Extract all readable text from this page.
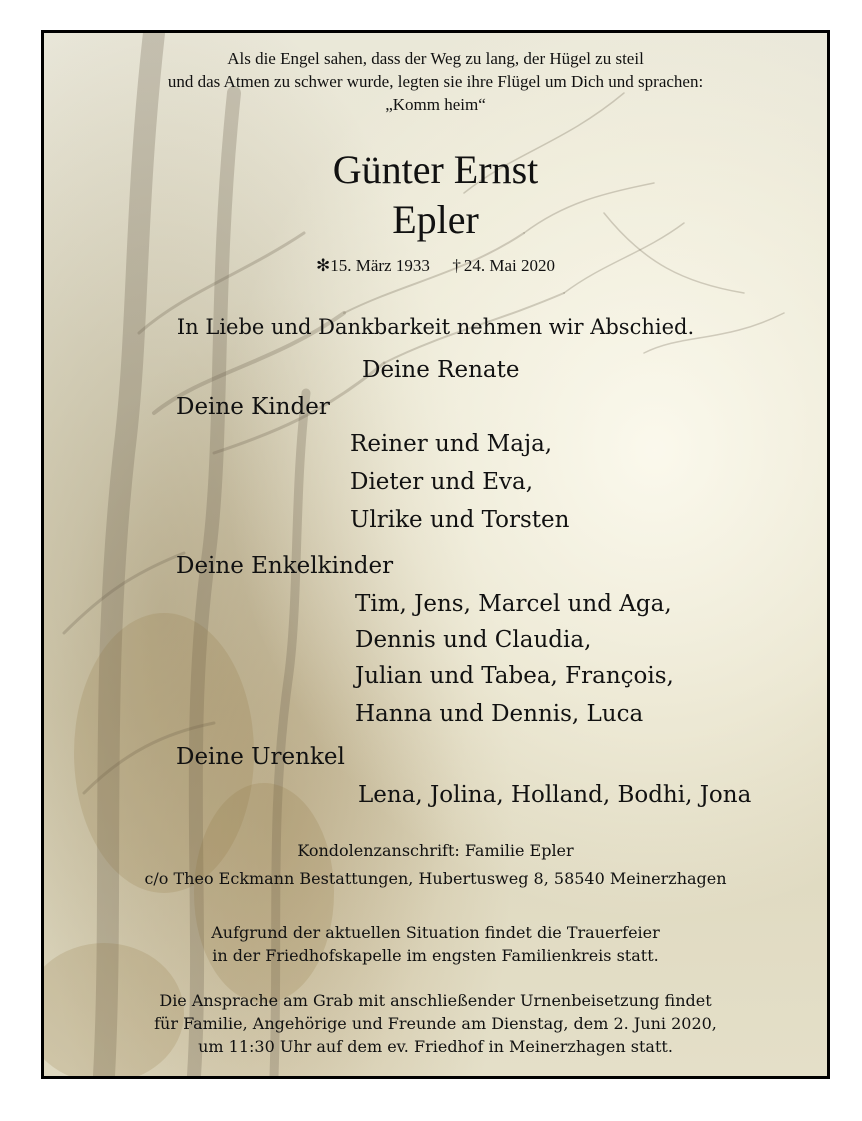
Als die Engel sahen, dass der Weg zu lang, der Hügel zu steil
und das Atmen zu schwer wurde, legten sie ihre Flügel um Dich und sprachen:
„Komm heim“
Günter Ernst
Epler
✻15. März 1933 † 24. Mai 2020
In Liebe und Dankbarkeit nehmen wir Abschied.
Deine Renate
Deine Kinder
Reiner und Maja,
Dieter und Eva,
Ulrike und Torsten
Deine Enkelkinder
Tim, Jens, Marcel und Aga,
Dennis und Claudia,
Julian und Tabea, François,
Hanna und Dennis, Luca
Deine Urenkel
Lena, Jolina, Holland, Bodhi, Jona
Kondolenzanschrift: Familie Epler
c/o Theo Eckmann Bestattungen, Hubertusweg 8, 58540 Meinerzhagen
Aufgrund der aktuellen Situation findet die Trauerfeier
in der Friedhofskapelle im engsten Familienkreis statt.
Die Ansprache am Grab mit anschließender Urnenbeisetzung findet
für Familie, Angehörige und Freunde am Dienstag, dem 2. Juni 2020,
um 11:30 Uhr auf dem ev. Friedhof in Meinerzhagen statt.
